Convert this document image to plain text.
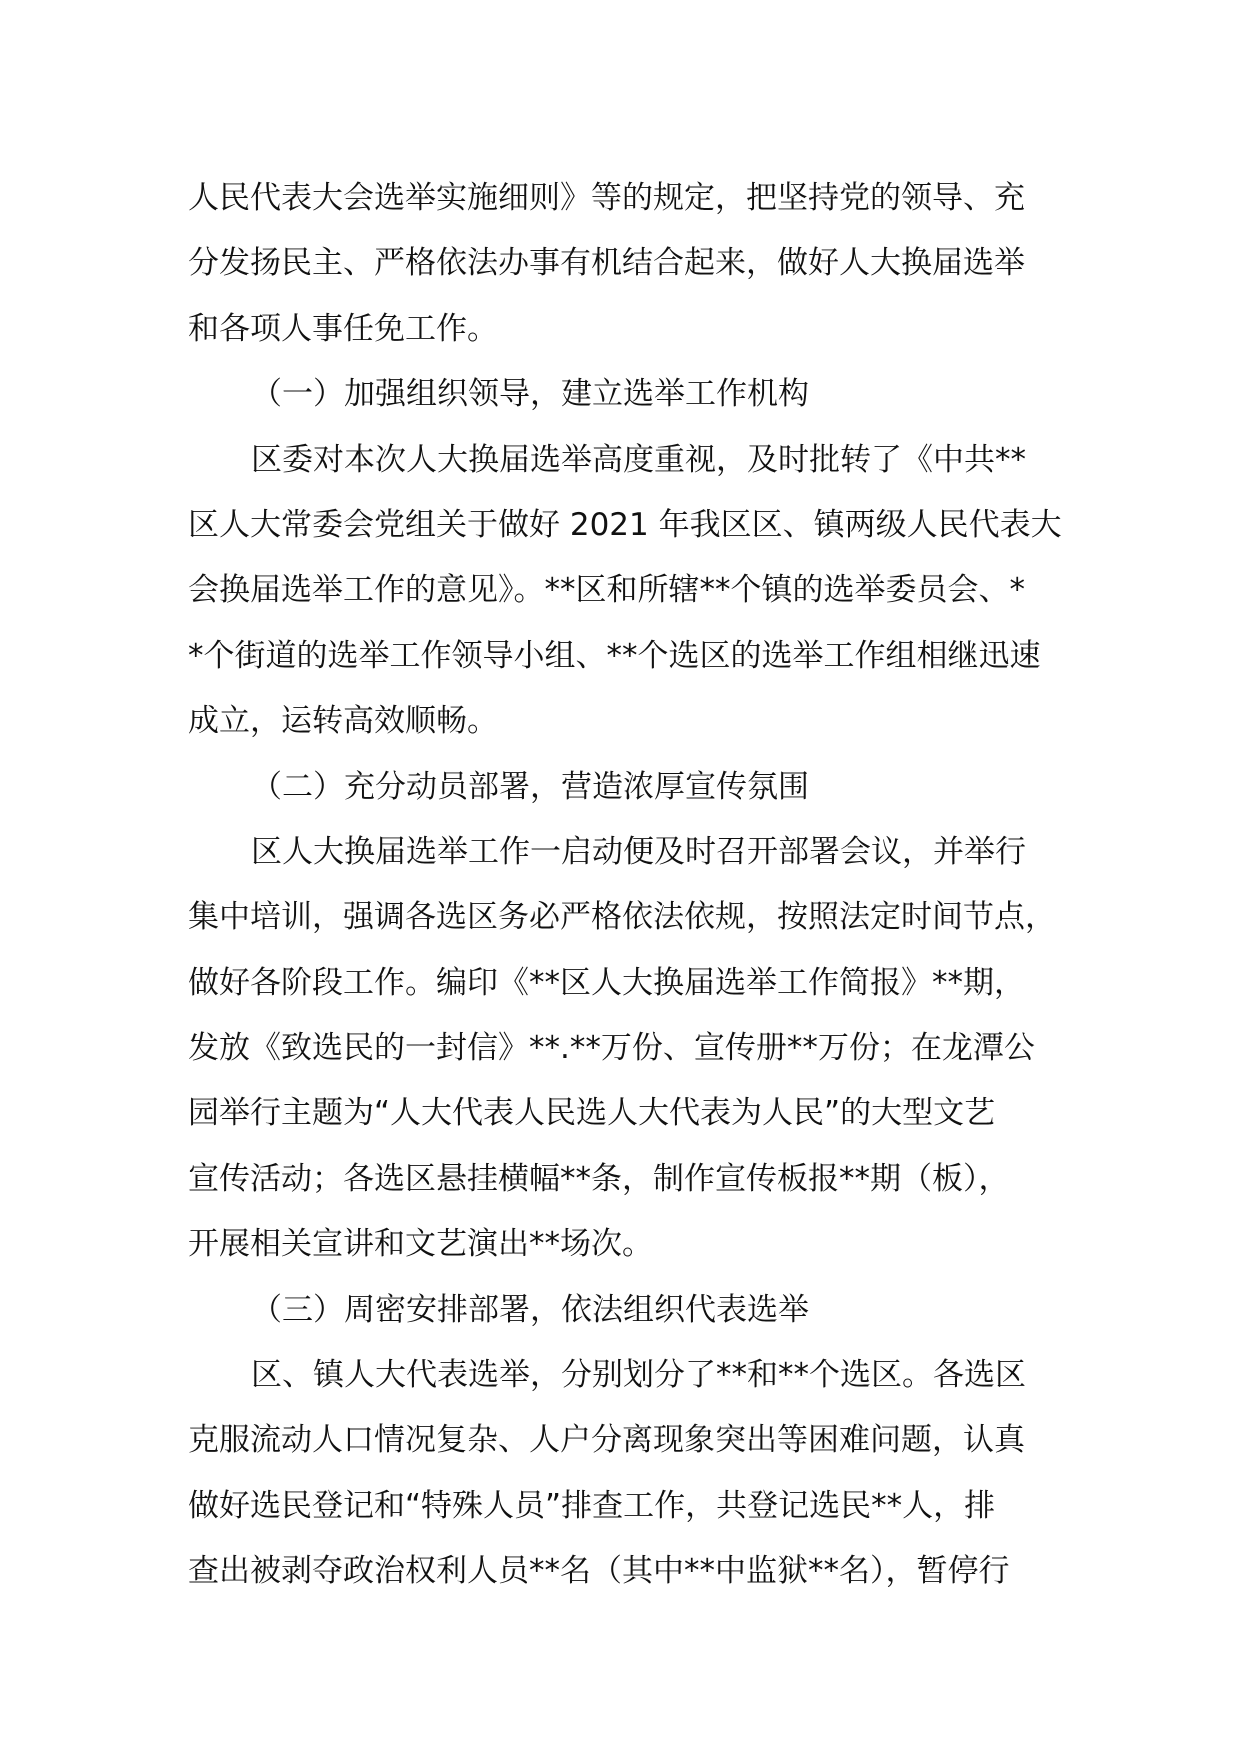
人民代表大会选举实施细则》等的规定，把坚持党的领导、充
分发扬民主、严格依法办事有机结合起来，做好人大换届选举
和各项人事任免工作。
（一）加强组织领导，建立选举工作机构
区委对本次人大换届选举高度重视，及时批转了《中共**
区人大常委会党组关于做好 2021 年我区区、镇两级人民代表大
会换届选举工作的意见》。**区和所辖**个镇的选举委员会、*
*个街道的选举工作领导小组、**个选区的选举工作组相继迅速
成立，运转高效顺畅。
（二）充分动员部署，营造浓厚宣传氛围
区人大换届选举工作一启动便及时召开部署会议，并举行
集中培训，强调各选区务必严格依法依规，按照法定时间节点，
做好各阶段工作。编印《**区人大换届选举工作简报》**期，
发放《致选民的一封信》**.**万份、宣传册**万份；在龙潭公
园举行主题为“人大代表人民选人大代表为人民”的大型文艺
宣传活动；各选区悬挂横幅**条，制作宣传板报**期（板），
开展相关宣讲和文艺演出**场次。
（三）周密安排部署，依法组织代表选举
区、镇人大代表选举，分别划分了**和**个选区。各选区
克服流动人口情况复杂、人户分离现象突出等困难问题，认真
做好选民登记和“特殊人员”排查工作，共登记选民**人，排
查出被剥夺政治权利人员**名（其中**中监狱**名），暂停行
